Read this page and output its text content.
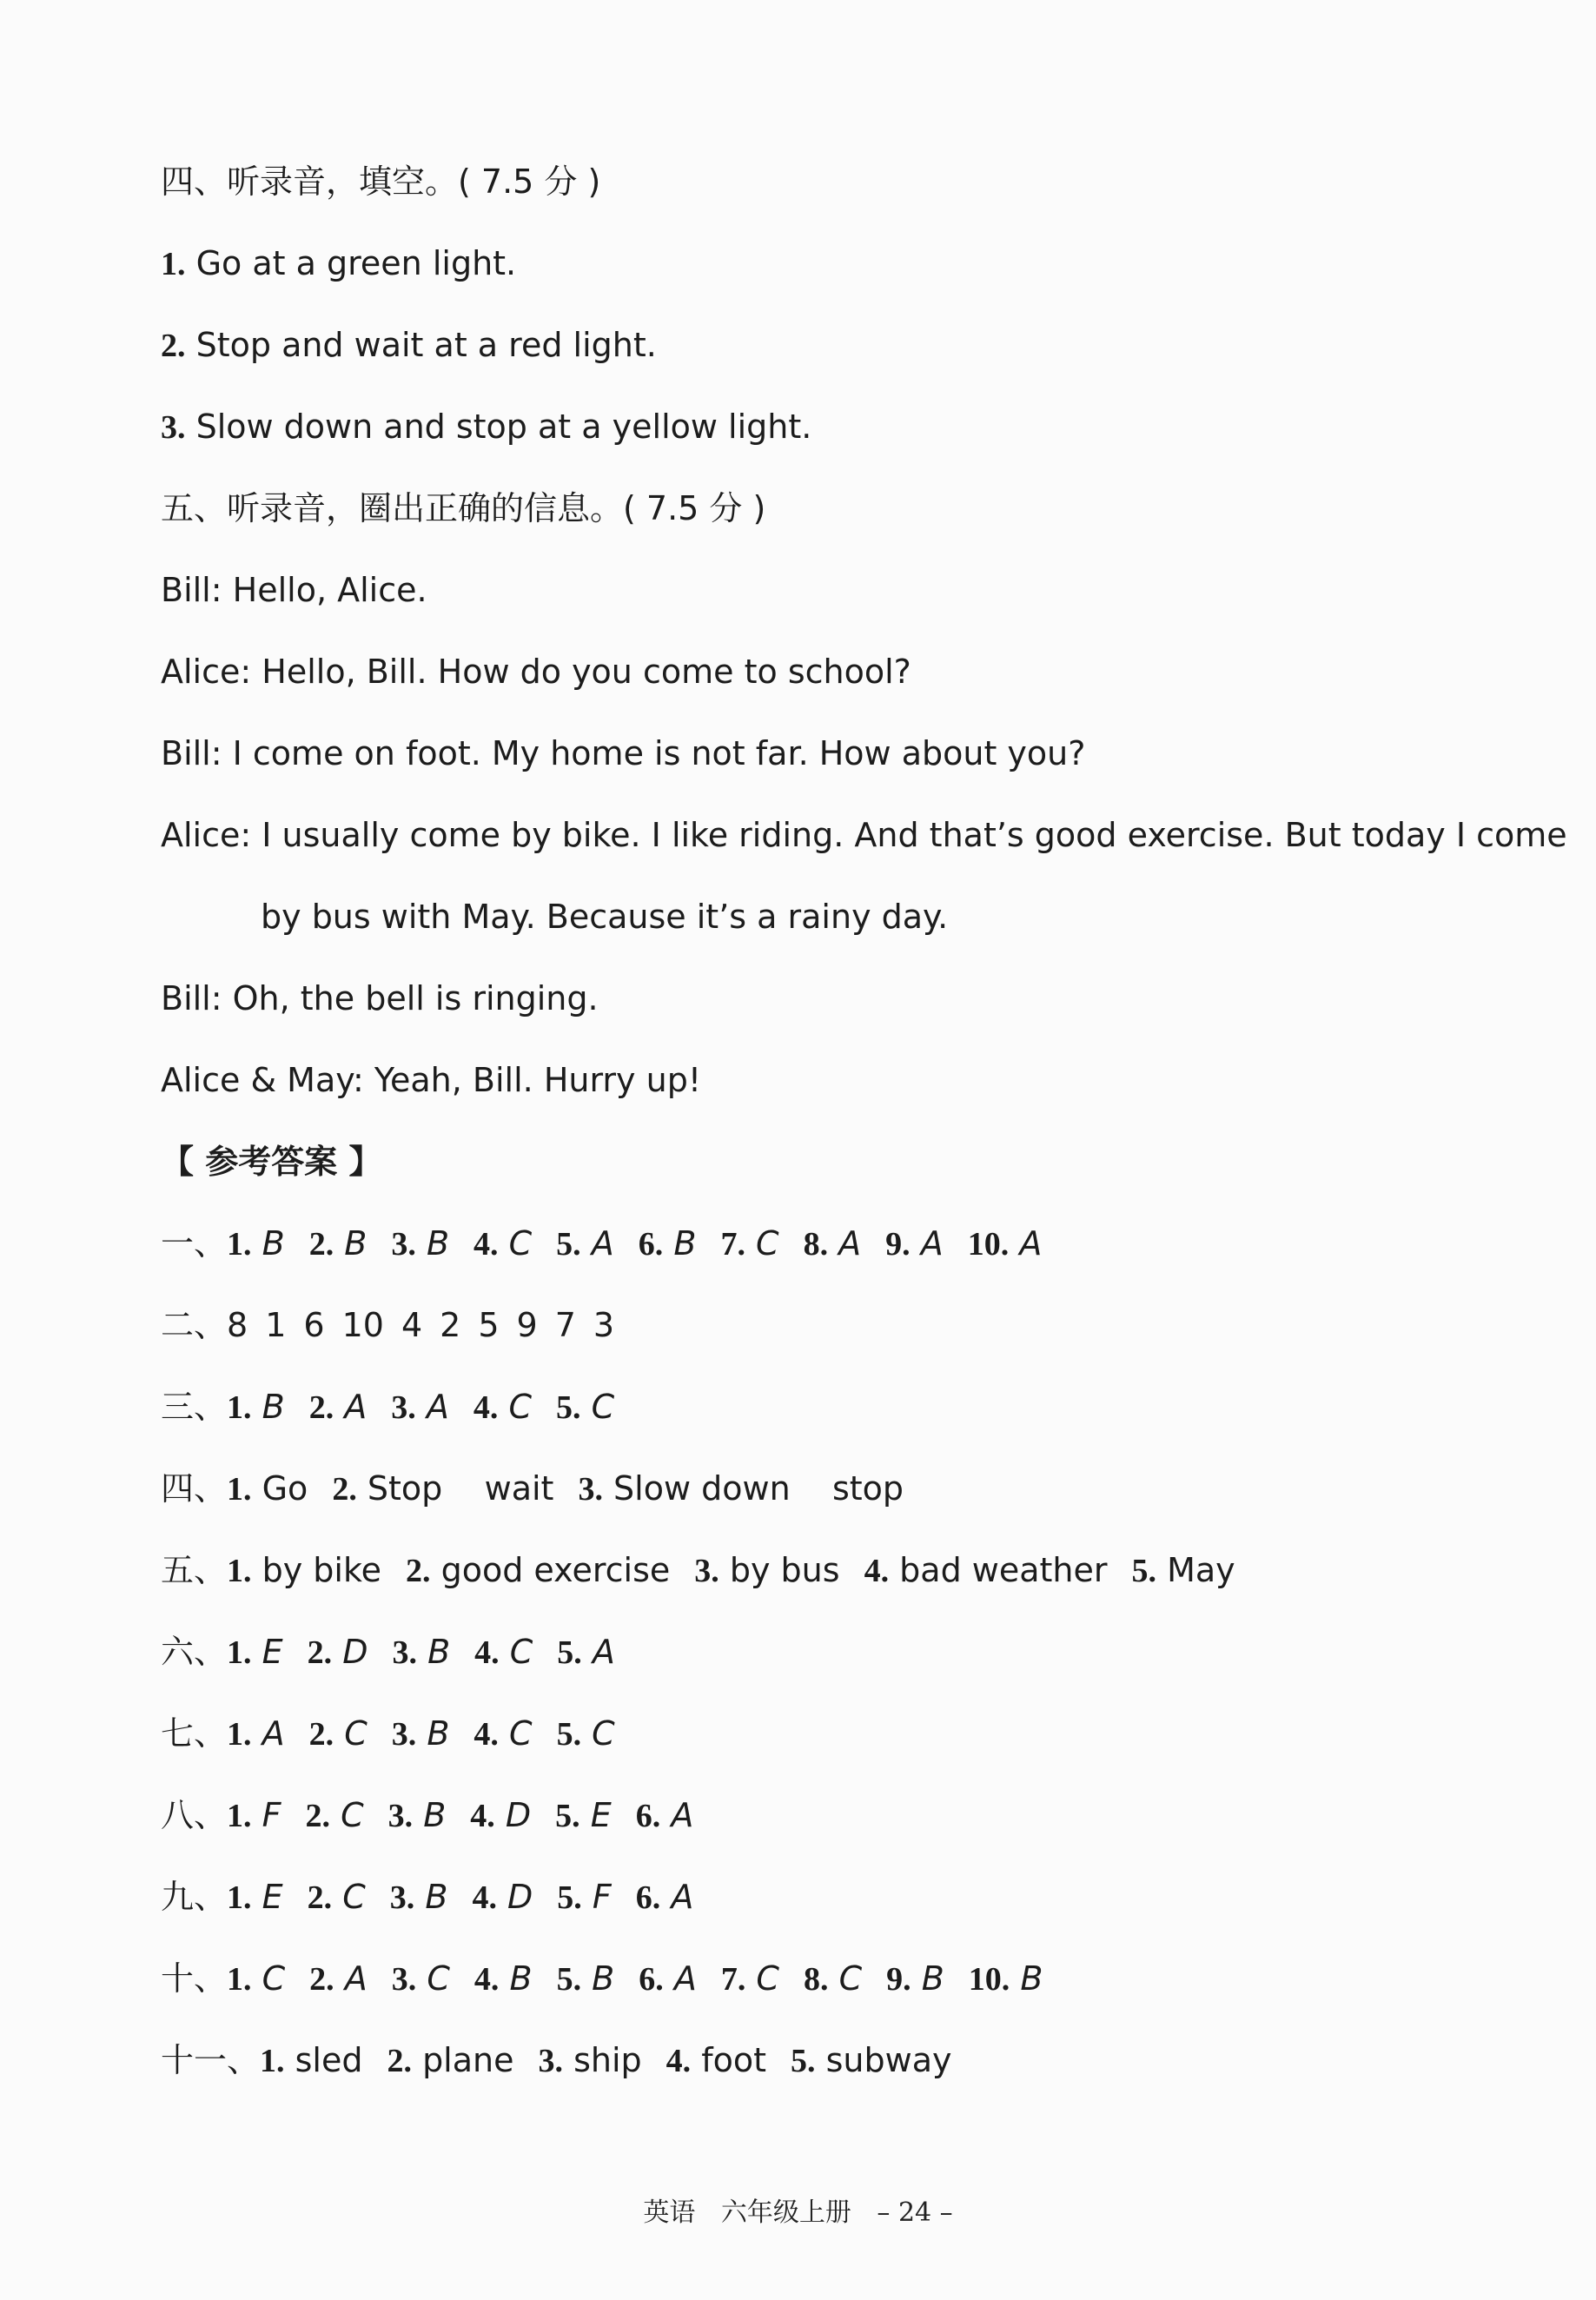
四、听录音，填空。( 7.5 分 )
1. Go at a green light.
2. Stop and wait at a red light.
3. Slow down and stop at a yellow light.
五、听录音，圈出正确的信息。( 7.5 分 )
Bill: Hello, Alice.
Alice: Hello, Bill. How do you come to school?
Bill: I come on foot. My home is not far. How about you?
Alice: I usually come by bike. I like riding. And that’s good exercise. But today I come
by bus with May. Because it’s a rainy day.
Bill: Oh, the bell is ringing.
Alice & May: Yeah, Bill. Hurry up!
【 参考答案 】
一、1. B 2. B 3. B 4. C 5. A 6. B 7. C 8. A 9. A 10. A
二、8 1 6 10 4 2 5 9 7 3
三、1. B 2. A 3. A 4. C 5. C
四、1. Go 2. Stop    wait 3. Slow down    stop
五、1. by bike 2. good exercise 3. by bus 4. bad weather 5. May
六、1. E 2. D 3. B 4. C 5. A
七、1. A 2. C 3. B 4. C 5. C
八、1. F 2. C 3. B 4. D 5. E 6. A
九、1. E 2. C 3. B 4. D 5. F 6. A
十、1. C 2. A 3. C 4. B 5. B 6. A 7. C 8. C 9. B 10. B
十一、1. sled 2. plane 3. ship 4. foot 5. subway
英语 六年级上册 – 24 –
